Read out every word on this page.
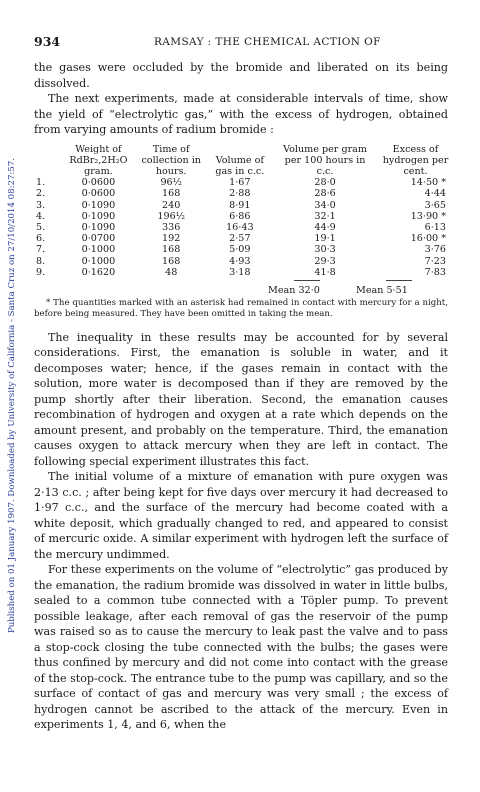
Published on 01 January 1907. Downloaded by University of California - Santa Cruz on 27/10/2014 08:27:57.
934	RAMSAY : THE CHEMICAL ACTION OF

the gases were occluded by the bromide and liberated on its being dissolved.

The next experiments, made at considerable intervals of time, show the yield of “electrolytic gas,” with the excess of hydrogen, obtained from varying amounts of radium bromide :

	Weight of RdBr₂,2H₂O gram.	Time of collection in hours.	Volume of gas in c.c.	Volume per gram per 100 hours in c.c.	Excess of hydrogen per cent.
1.	0·0600	96½	1·67	28·0	14·50 *
2.	0·0600	168	2·88	28·6	4·44
3.	0·1090	240	8·91	34·0	3·65
4.	0·1090	196½	6·86	32·1	13·90 *
5.	0·1090	336	16·43	44·9	6·13
6.	0·0700	192	2·57	19·1	16·00 *
7.	0·1000	168	5·09	30·3	3·76
8.	0·1000	168	4·93	29·3	7·23
9.	0·1620	48	3·18	41·8	7·83
Mean 32·0	Mean 5·51

* The quantities marked with an asterisk had remained in contact with mercury for a night, before being measured. They have been omitted in taking the mean.

The inequality in these results may be accounted for by several considerations. First, the emanation is soluble in water, and it decomposes water; hence, if the gases remain in contact with the solution, more water is decomposed than if they are removed by the pump shortly after their liberation. Second, the emanation causes recombination of hydrogen and oxygen at a rate which depends on the amount present, and probably on the temperature. Third, the emanation causes oxygen to attack mercury when they are left in contact. The following special experiment illustrates this fact.

The initial volume of a mixture of emanation with pure oxygen was 2·13 c.c. ; after being kept for five days over mercury it had decreased to 1·97 c.c., and the surface of the mercury had become coated with a white deposit, which gradually changed to red, and appeared to consist of mercuric oxide. A similar experiment with hydrogen left the surface of the mercury undimmed.

For these experiments on the volume of “electrolytic” gas produced by the emanation, the radium bromide was dissolved in water in little bulbs, sealed to a common tube connected with a Töpler pump. To prevent possible leakage, after each removal of gas the reservoir of the pump was raised so as to cause the mercury to leak past the valve and to pass a stop-cock closing the tube connected with the bulbs; the gases were thus confined by mercury and did not come into contact with the grease of the stop-cock. The entrance tube to the pump was capillary, and so the surface of contact of gas and mercury was very small ; the excess of hydrogen cannot be ascribed to the attack of the mercury. Even in experiments 1, 4, and 6, when the
